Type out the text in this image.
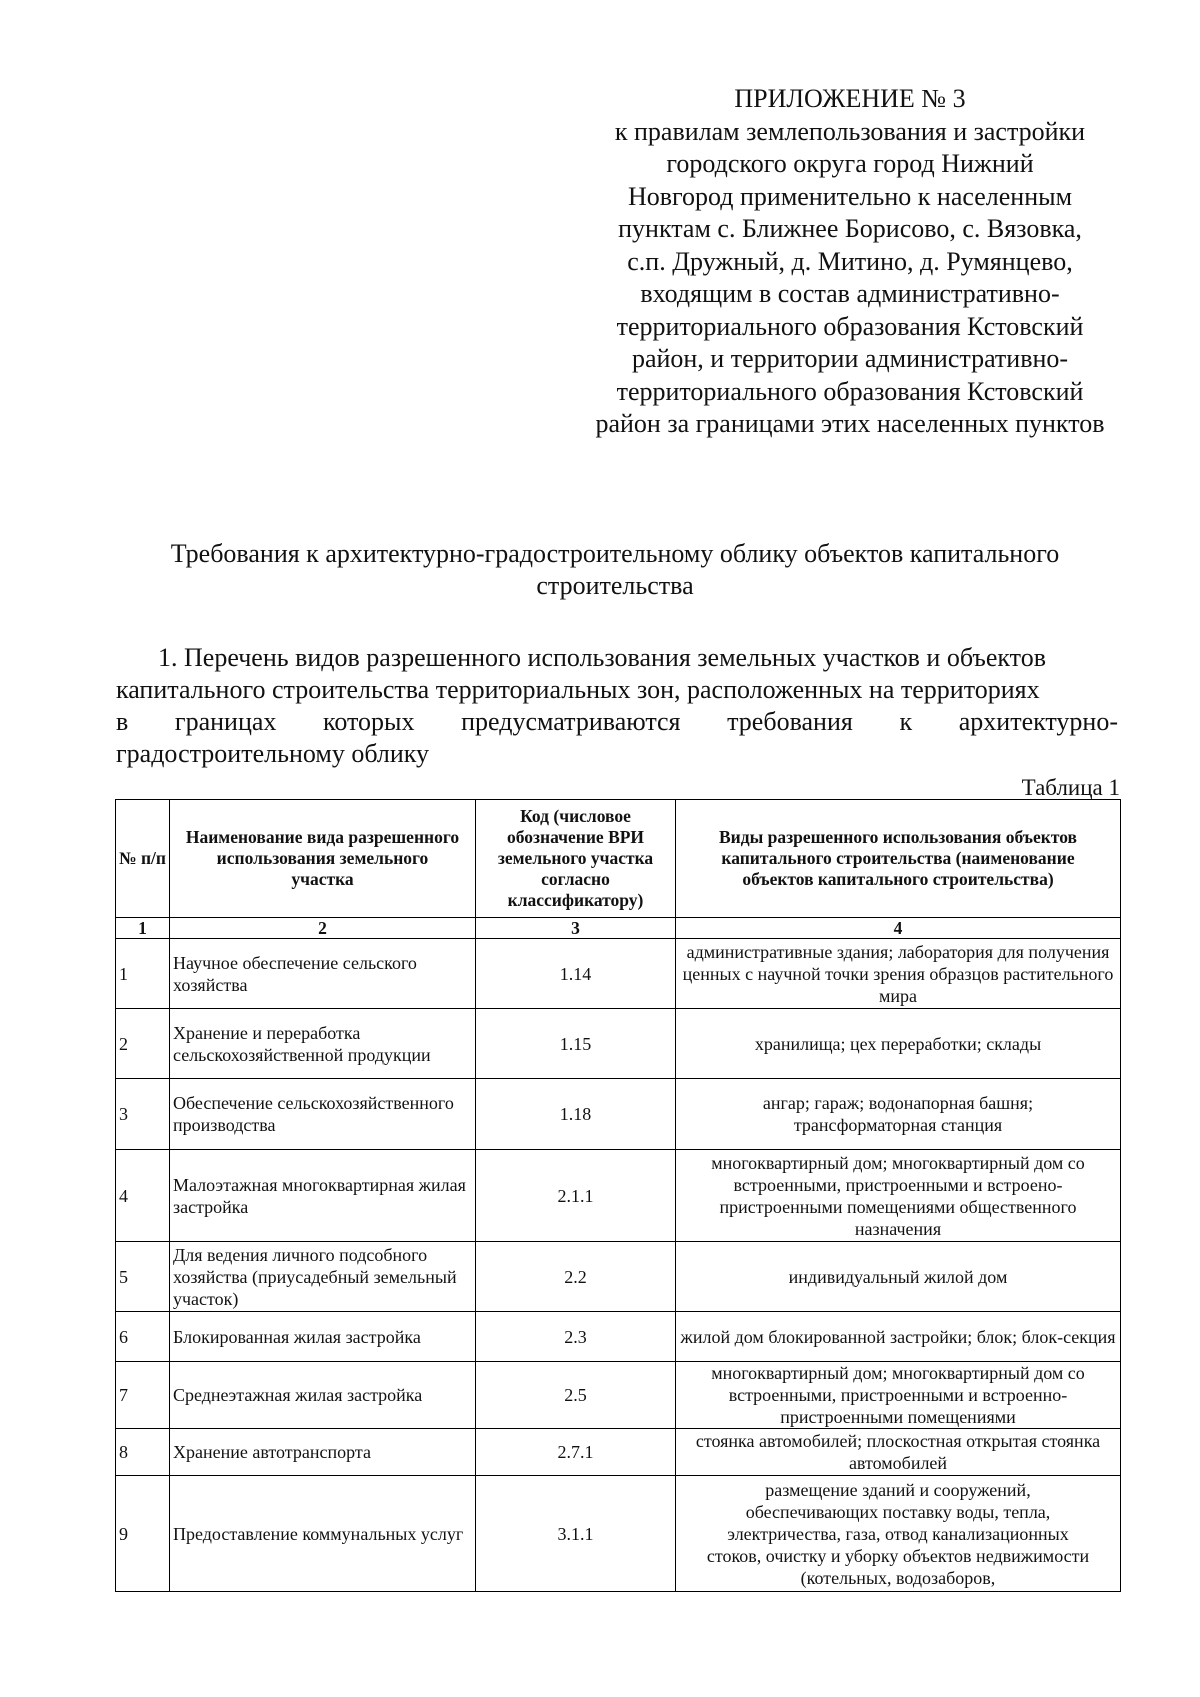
ПРИЛОЖЕНИЕ № 3
к правилам землепользования и застройки
городского округа город Нижний
Новгород применительно к населенным
пунктам с. Ближнее Борисово, с. Вязовка,
с.п. Дружный, д. Митино, д. Румянцево,
входящим в состав административно-
территориального образования Кстовский
район, и территории административно-
территориального образования Кстовский
район за границами этих населенных пунктов
Требования к архитектурно-градостроительному облику объектов капитального
строительства
1. Перечень видов разрешенного использования земельных участков и объектов
капитального строительства территориальных зон, расположенных на территориях
в границах которых предусматриваются требования к архитектурно-
градостроительному облику
Таблица 1
№ п/п	Наименование вида разрешенного использования земельного участка	Код (числовое обозначение ВРИ земельного участка согласно классификатору)	Виды разрешенного использования объектов капитального строительства (наименование объектов капитального строительства)
1	2	3	4
1	Научное обеспечение сельского хозяйства	1.14	административные здания; лаборатория для получения ценных с научной точки зрения образцов растительного мира
2	Хранение и переработка сельскохозяйственной продукции	1.15	хранилища; цех переработки; склады
3	Обеспечение сельскохозяйственного производства	1.18	ангар; гараж; водонапорная башня; трансформаторная станция
4	Малоэтажная многоквартирная жилая застройка	2.1.1	многоквартирный дом; многоквартирный дом со встроенными, пристроенными и встроено-пристроенными помещениями общественного назначения
5	Для ведения личного подсобного хозяйства (приусадебный земельный участок)	2.2	индивидуальный жилой дом
6	Блокированная жилая застройка	2.3	жилой дом блокированной застройки; блок; блок-секция
7	Среднеэтажная жилая застройка	2.5	многоквартирный дом; многоквартирный дом со встроенными, пристроенными и встроенно-пристроенными помещениями
8	Хранение автотранспорта	2.7.1	стоянка автомобилей; плоскостная открытая стоянка автомобилей
9	Предоставление коммунальных услуг	3.1.1	размещение зданий и сооружений, обеспечивающих поставку воды, тепла, электричества, газа, отвод канализационных стоков, очистку и уборку объектов недвижимости (котельных, водозаборов,
